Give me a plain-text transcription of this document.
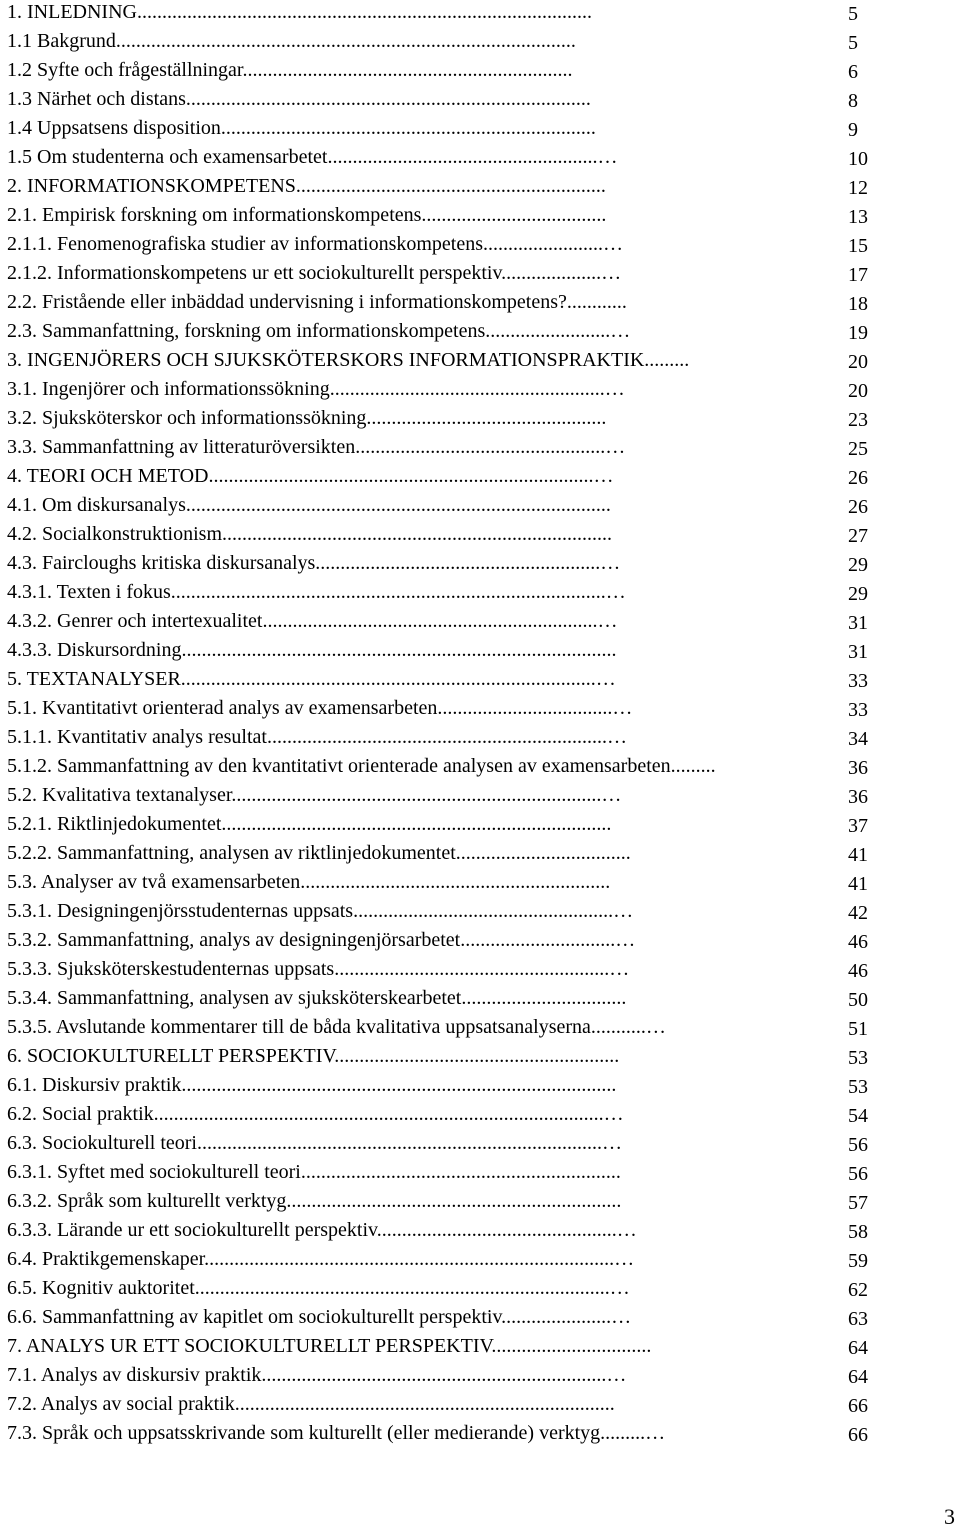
1. INLEDNING...........................................................................................	5
1.1 Bakgrund............................................................................................	5
1.2 Syfte och frågeställningar..................................................................	6
1.3 Närhet och distans.................................................................................	8
1.4 Uppsatsens disposition...........................................................................	9
1.5 Om studenterna och examensarbetet......................................................…	10
2. INFORMATIONSKOMPETENS..............................................................	12
2.1. Empirisk forskning om informationskompetens.....................................	13
2.1.1. Fenomenografiska studier av informationskompetens........................…	15
2.1.2. Informationskompetens ur ett sociokulturellt perspektiv....................…	17
2.2. Fristående eller inbäddad undervisning i informationskompetens?............	18
2.3. Sammanfattning, forskning om informationskompetens.........................…	19
3. INGENJÖRERS OCH SJUKSKÖTERSKORS INFORMATIONSPRAKTIK.........	20
3.1. Ingenjörer och informationssökning.......................................................…	20
3.2. Sjuksköterskor och informationssökning................................................	23
3.3. Sammanfattning av litteraturöversikten..................................................…	25
4. TEORI OCH METOD.............................................................................…	26
4.1. Om diskursanalys.....................................................................................	26
4.2. Socialkonstruktionism..............................................................................	27
4.3. Faircloughs kritiska diskursanalys.........................................................…	29
4.3.1. Texten i fokus.......................................................................................…	29
4.3.2. Genrer och intertexualitet...................................................................…	31
4.3.3. Diskursordning.......................................................................................	31
5. TEXTANALYSER...................................................................................…	33
5.1. Kvantitativt orienterad analys av examensarbeten...................................…	33
5.1.1. Kvantitativ analys resultat....................................................................…	34
5.1.2. Sammanfattning av den kvantitativt orienterade analysen av examensarbeten.........	36
5.2. Kvalitativa textanalyser..........................................................................…	36
5.2.1. Riktlinjedokumentet..............................................................................	37
5.2.2. Sammanfattning, analysen av riktlinjedokumentet...................................	41
5.3. Analyser av två examensarbeten..............................................................	41
5.3.1. Designingenjörsstudenternas uppsats....................................................…	42
5.3.2. Sammanfattning, analys av designingenjörsarbetet...............................…	46
5.3.3. Sjuksköterskestudenternas uppsats.......................................................…	46
5.3.4. Sammanfattning, analysen av sjuksköterskearbetet.................................	50
5.3.5. Avslutande kommentarer till de båda kvalitativa uppsatsanalyserna...........…	51
6. SOCIOKULTURELLT PERSPEKTIV.........................................................	53
6.1. Diskursiv praktik.......................................................................................	53
6.2. Social praktik..........................................................................................…	54
6.3. Sociokulturell teori.................................................................................…	56
6.3.1. Syftet med sociokulturell teori................................................................	56
6.3.2. Språk som kulturellt verktyg...................................................................	57
6.3.3. Lärande ur ett sociokulturellt perspektiv................................................…	58
6.4. Praktikgemenskaper..................................................................................…	59
6.5. Kognitiv auktoritet...................................................................................…	62
6.6. Sammanfattning av kapitlet om sociokulturellt perspektiv......................…	63
7. ANALYS UR ETT SOCIOKULTURELLT PERSPEKTIV................................	64
7.1. Analys av diskursiv praktik.....................................................................…	64
7.2. Analys av social praktik............................................................................	66
7.3. Språk och uppsatsskrivande som kulturellt (eller medierande) verktyg.........…	66
3
